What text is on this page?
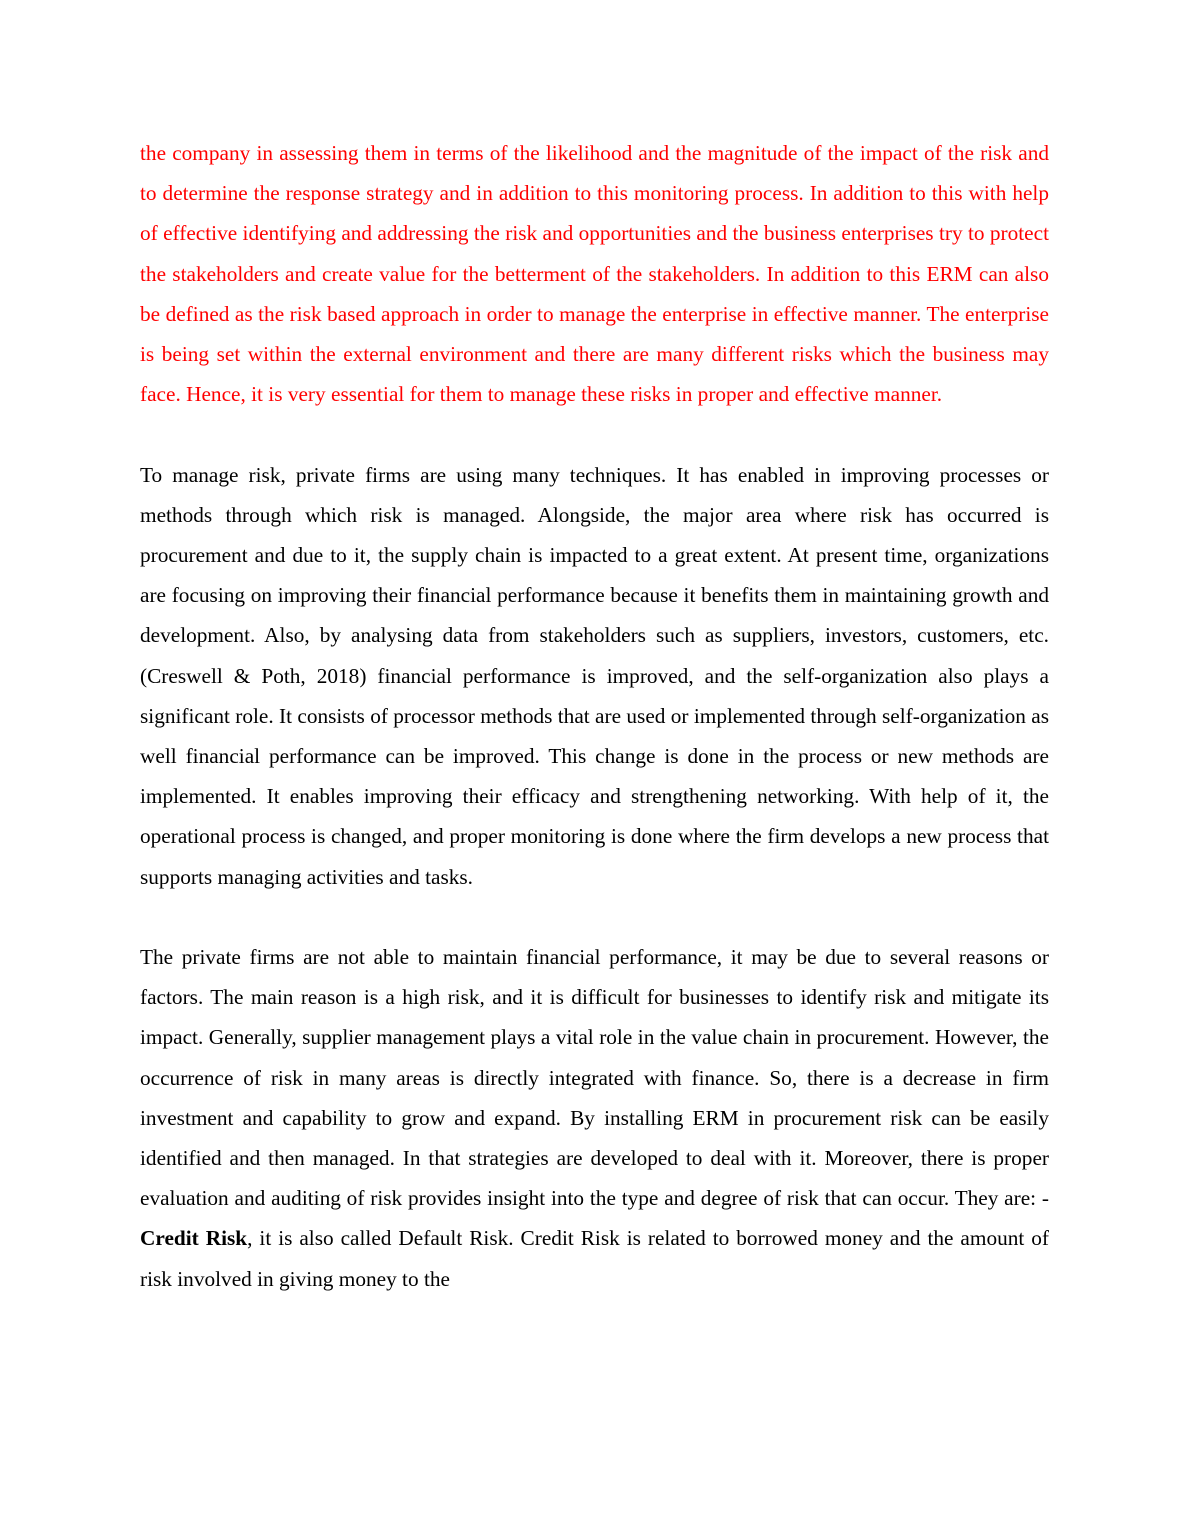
the company in assessing them in terms of the likelihood and the magnitude of the impact of the risk and to determine the response strategy and in addition to this monitoring process. In addition to this with help of effective identifying and addressing the risk and opportunities and the business enterprises try to protect the stakeholders and create value for the betterment of the stakeholders. In addition to this ERM can also be defined as the risk based approach in order to manage the enterprise in effective manner. The enterprise is being set within the external environment and there are many different risks which the business may face. Hence, it is very essential for them to manage these risks in proper and effective manner.

To manage risk, private firms are using many techniques. It has enabled in improving processes or methods through which risk is managed. Alongside, the major area where risk has occurred is procurement and due to it, the supply chain is impacted to a great extent. At present time, organizations are focusing on improving their financial performance because it benefits them in maintaining growth and development. Also, by analysing data from stakeholders such as suppliers, investors, customers, etc. (Creswell & Poth, 2018) financial performance is improved, and the self-organization also plays a significant role. It consists of processor methods that are used or implemented through self-organization as well financial performance can be improved. This change is done in the process or new methods are implemented. It enables improving their efficacy and strengthening networking. With help of it, the operational process is changed, and proper monitoring is done where the firm develops a new process that supports managing activities and tasks.

The private firms are not able to maintain financial performance, it may be due to several reasons or factors. The main reason is a high risk, and it is difficult for businesses to identify risk and mitigate its impact. Generally, supplier management plays a vital role in the value chain in procurement. However, the occurrence of risk in many areas is directly integrated with finance. So, there is a decrease in firm investment and capability to grow and expand. By installing ERM in procurement risk can be easily identified and then managed. In that strategies are developed to deal with it. Moreover, there is proper evaluation and auditing of risk provides insight into the type and degree of risk that can occur. They are: - Credit Risk, it is also called Default Risk. Credit Risk is related to borrowed money and the amount of risk involved in giving money to the
